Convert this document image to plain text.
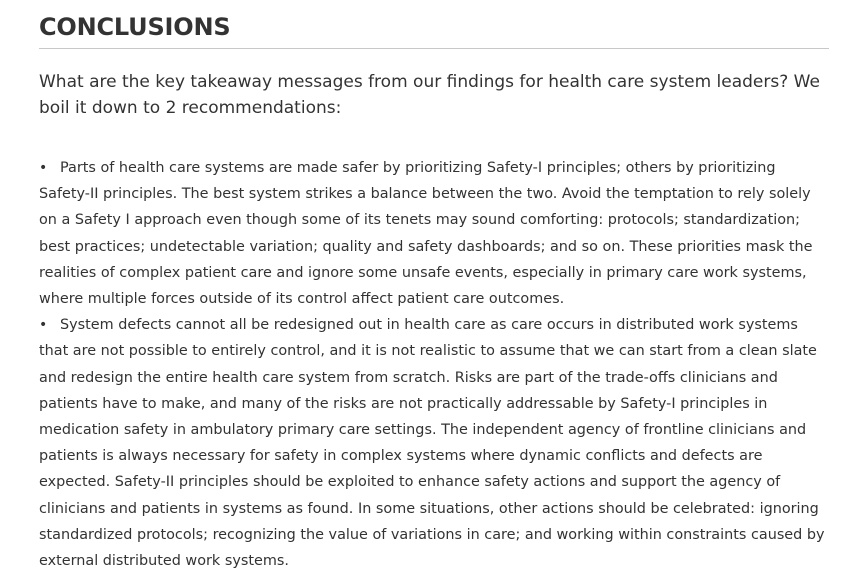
CONCLUSIONS

What are the key takeaway messages from our findings for health care system leaders? We boil it down to 2 recommendations:

• Parts of health care systems are made safer by prioritizing Safety-I principles; others by prioritizing Safety-II principles. The best system strikes a balance between the two. Avoid the temptation to rely solely on a Safety I approach even though some of its tenets may sound comforting: protocols; standardization; best practices; undetectable variation; quality and safety dashboards; and so on. These priorities mask the realities of complex patient care and ignore some unsafe events, especially in primary care work systems, where multiple forces outside of its control affect patient care outcomes.
• System defects cannot all be redesigned out in health care as care occurs in distributed work systems that are not possible to entirely control, and it is not realistic to assume that we can start from a clean slate and redesign the entire health care system from scratch. Risks are part of the trade-offs clinicians and patients have to make, and many of the risks are not practically addressable by Safety-I principles in medication safety in ambulatory primary care settings. The independent agency of frontline clinicians and patients is always necessary for safety in complex systems where dynamic conflicts and defects are expected. Safety-II principles should be exploited to enhance safety actions and support the agency of clinicians and patients in systems as found. In some situations, other actions should be celebrated: ignoring standardized protocols; recognizing the value of variations in care; and working within constraints caused by external distributed work systems.
